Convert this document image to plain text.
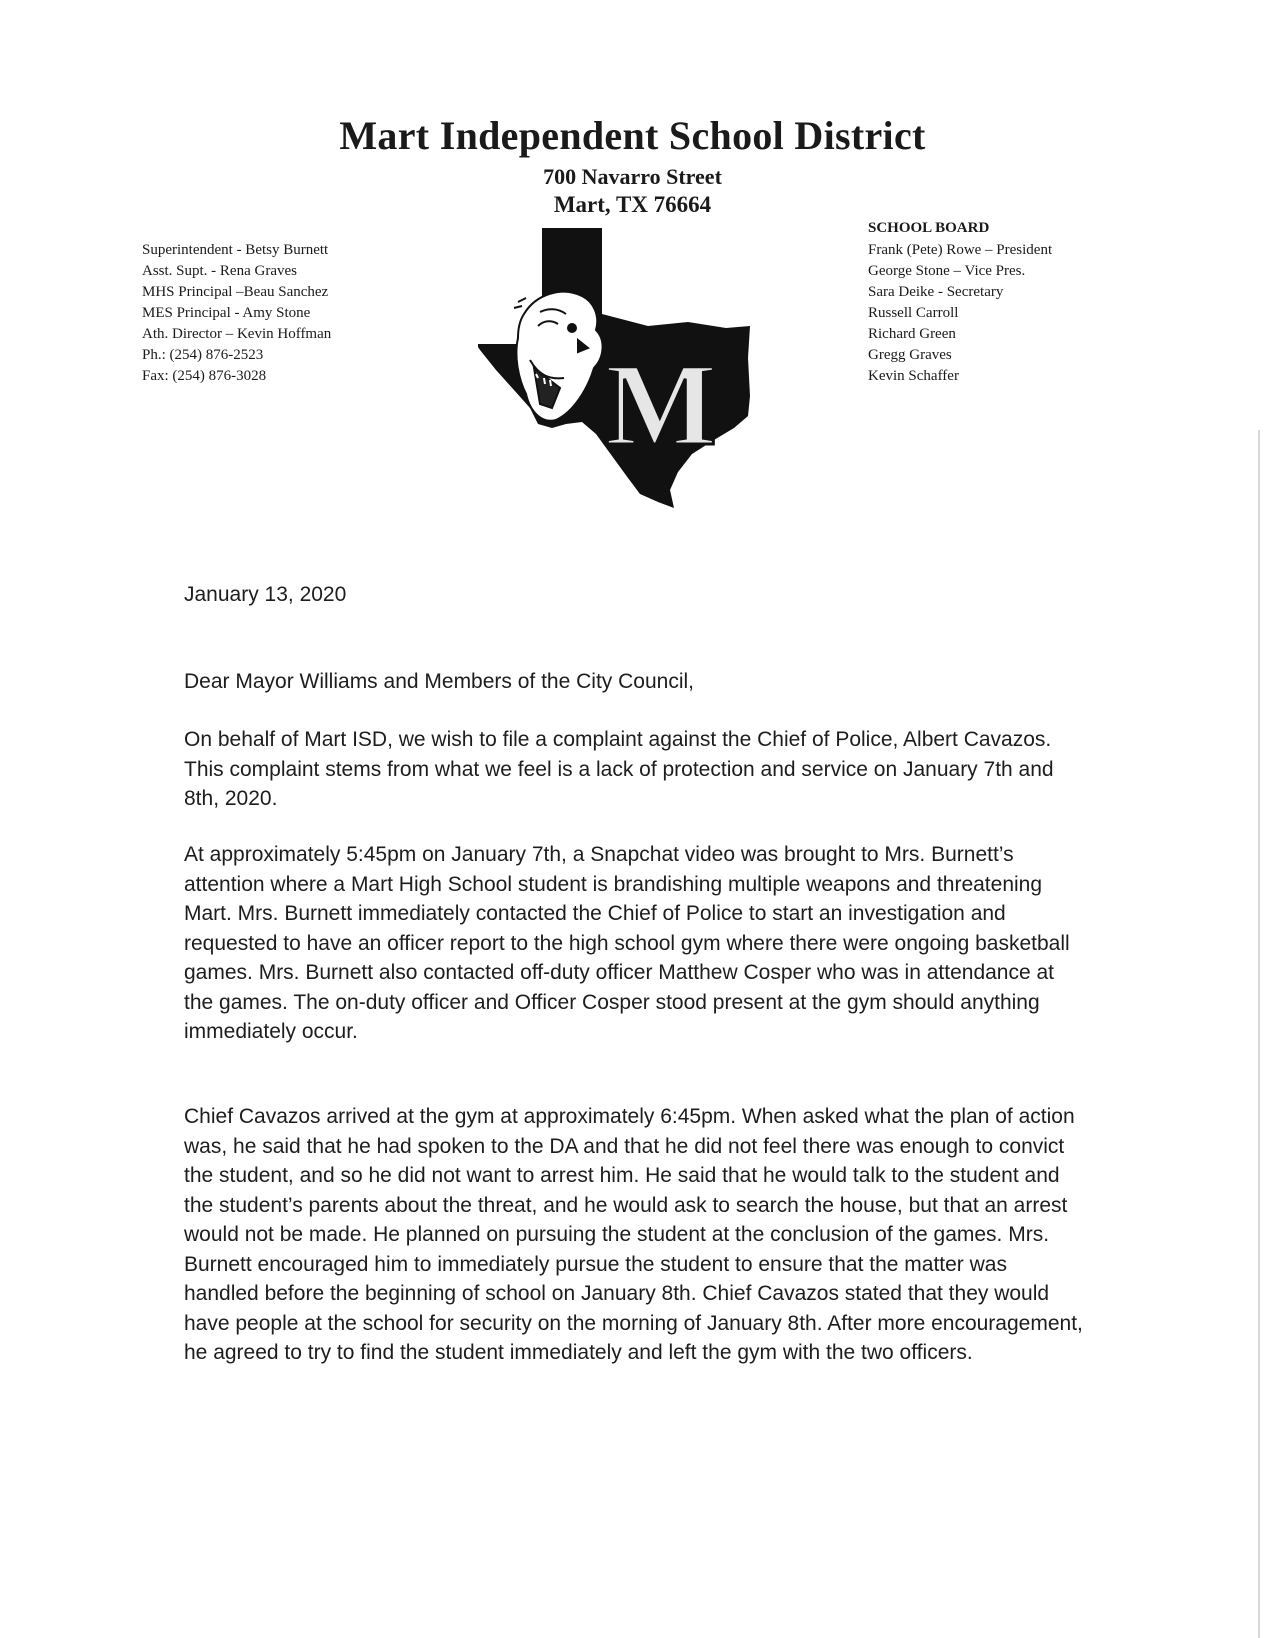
Mart Independent School District
700 Navarro Street
Mart, TX 76664
Superintendent - Betsy Burnett
Asst. Supt. - Rena Graves
MHS Principal –Beau Sanchez
MES Principal - Amy Stone
Ath. Director – Kevin Hoffman
Ph.: (254) 876-2523
Fax: (254) 876-3028
SCHOOL BOARD
Frank (Pete) Rowe – President
George Stone – Vice Pres.
Sara Deike - Secretary
Russell Carroll
Richard Green
Gregg Graves
Kevin Schaffer
M
January 13, 2020
Dear Mayor Williams and Members of the City Council,
On behalf of Mart ISD, we wish to file a complaint against the Chief of Police, Albert Cavazos. This complaint stems from what we feel is a lack of protection and service on January 7th and 8th, 2020.
At approximately 5:45pm on January 7th, a Snapchat video was brought to Mrs. Burnett’s attention where a Mart High School student is brandishing multiple weapons and threatening Mart. Mrs. Burnett immediately contacted the Chief of Police to start an investigation and requested to have an officer report to the high school gym where there were ongoing basketball games. Mrs. Burnett also contacted off-duty officer Matthew Cosper who was in attendance at the games. The on-duty officer and Officer Cosper stood present at the gym should anything immediately occur.
Chief Cavazos arrived at the gym at approximately 6:45pm. When asked what the plan of action was, he said that he had spoken to the DA and that he did not feel there was enough to convict the student, and so he did not want to arrest him. He said that he would talk to the student and the student’s parents about the threat, and he would ask to search the house, but that an arrest would not be made. He planned on pursuing the student at the conclusion of the games. Mrs. Burnett encouraged him to immediately pursue the student to ensure that the matter was handled before the beginning of school on January 8th. Chief Cavazos stated that they would have people at the school for security on the morning of January 8th. After more encouragement, he agreed to try to find the student immediately and left the gym with the two officers.
